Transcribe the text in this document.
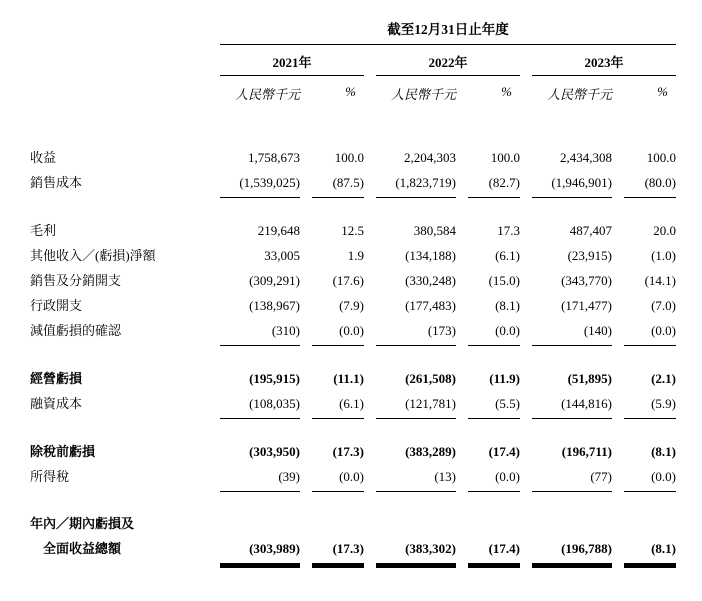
截至12月31日止年度
2021年	2022年	2023年
人民幣千元	%	人民幣千元	%	人民幣千元	%
收益	1,758,673	100.0	2,204,303	100.0	2,434,308	100.0
銷售成本	(1,539,025)	(87.5)	(1,823,719)	(82.7)	(1,946,901)	(80.0)
毛利	219,648	12.5	380,584	17.3	487,407	20.0
其他收入／(虧損)淨額	33,005	1.9	(134,188)	(6.1)	(23,915)	(1.0)
銷售及分銷開支	(309,291)	(17.6)	(330,248)	(15.0)	(343,770)	(14.1)
行政開支	(138,967)	(7.9)	(177,483)	(8.1)	(171,477)	(7.0)
減值虧損的確認	(310)	(0.0)	(173)	(0.0)	(140)	(0.0)
經營虧損	(195,915)	(11.1)	(261,508)	(11.9)	(51,895)	(2.1)
融資成本	(108,035)	(6.1)	(121,781)	(5.5)	(144,816)	(5.9)
除稅前虧損	(303,950)	(17.3)	(383,289)	(17.4)	(196,711)	(8.1)
所得稅	(39)	(0.0)	(13)	(0.0)	(77)	(0.0)
年內／期內虧損及
全面收益總額	(303,989)	(17.3)	(383,302)	(17.4)	(196,788)	(8.1)
